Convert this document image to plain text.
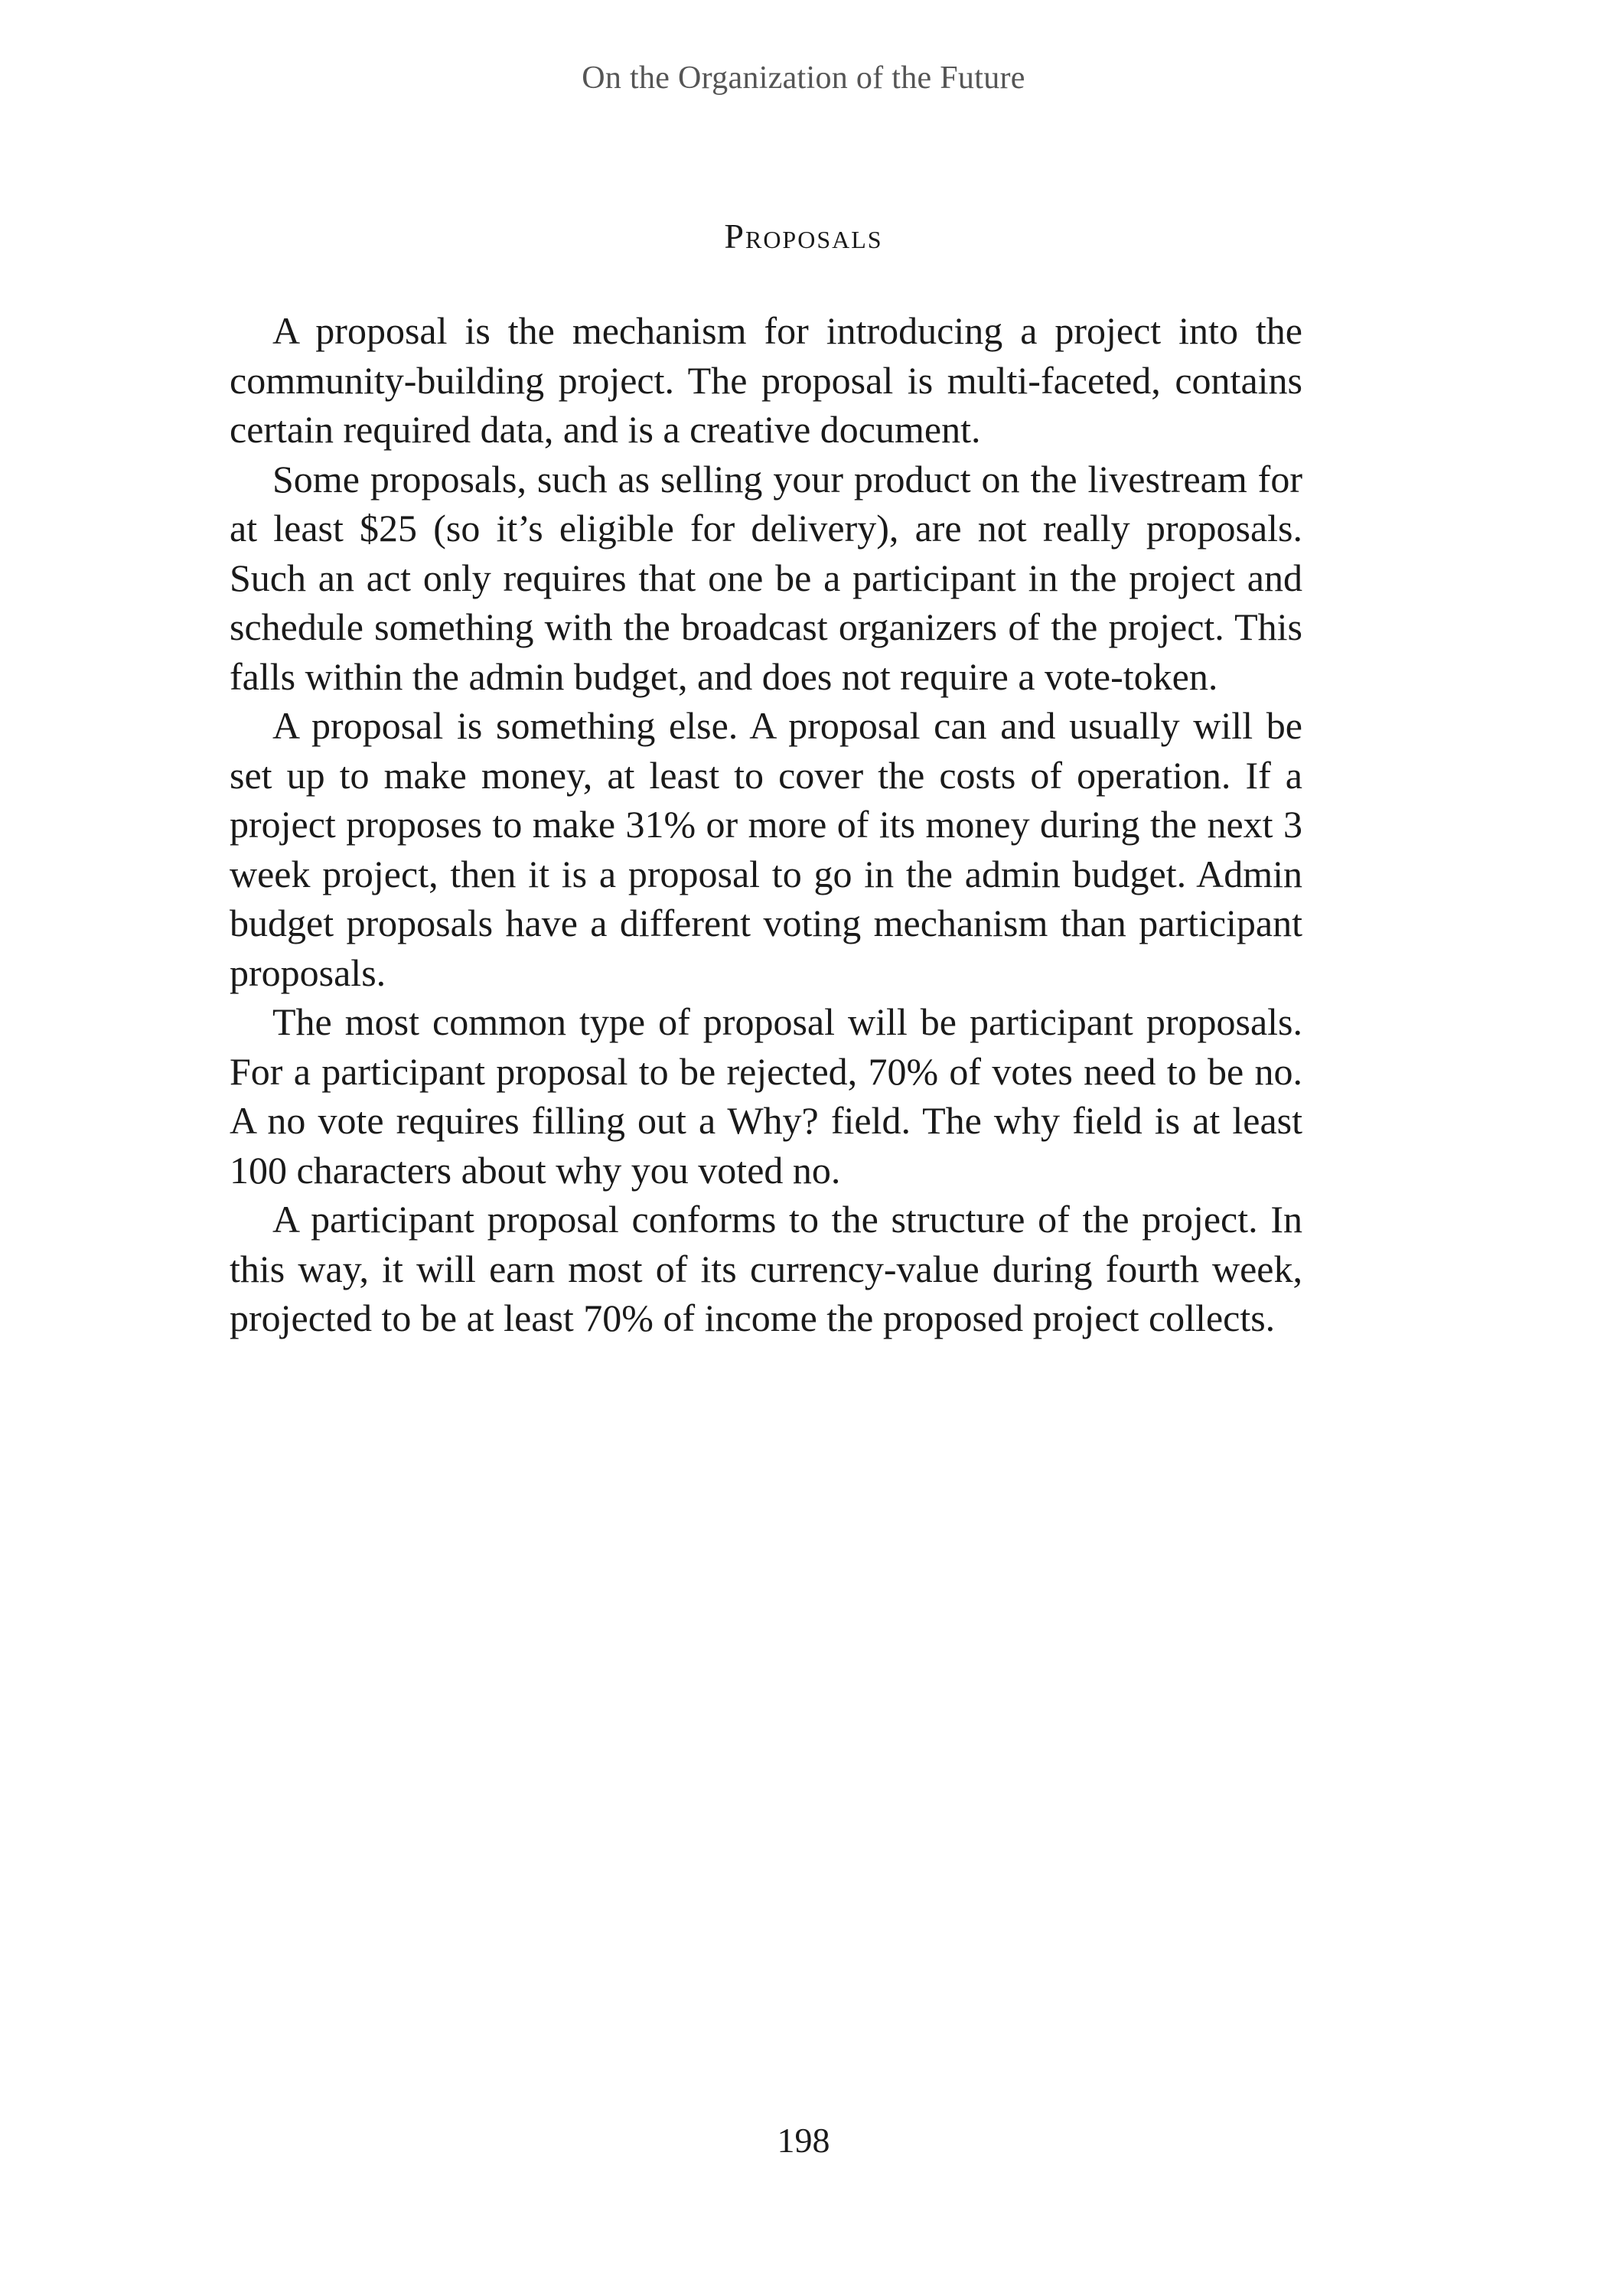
On the Organization of the Future
Proposals

A proposal is the mechanism for introducing a project into the community-building project. The proposal is multi-faceted, contains certain required data, and is a creative document.

Some proposals, such as selling your product on the livestream for at least $25 (so it’s eligible for delivery), are not really proposals. Such an act only requires that one be a participant in the project and schedule something with the broadcast organizers of the project. This falls within the admin budget, and does not require a vote-token.

A proposal is something else. A proposal can and usually will be set up to make money, at least to cover the costs of operation. If a project proposes to make 31% or more of its money during the next 3 week project, then it is a proposal to go in the admin budget. Admin budget proposals have a different voting mechanism than participant proposals.

The most common type of proposal will be participant proposals. For a participant proposal to be rejected, 70% of votes need to be no. A no vote requires filling out a Why? field. The why field is at least 100 characters about why you voted no.

A participant proposal conforms to the structure of the project. In this way, it will earn most of its currency-value during fourth week, projected to be at least 70% of income the proposed project collects.

198
